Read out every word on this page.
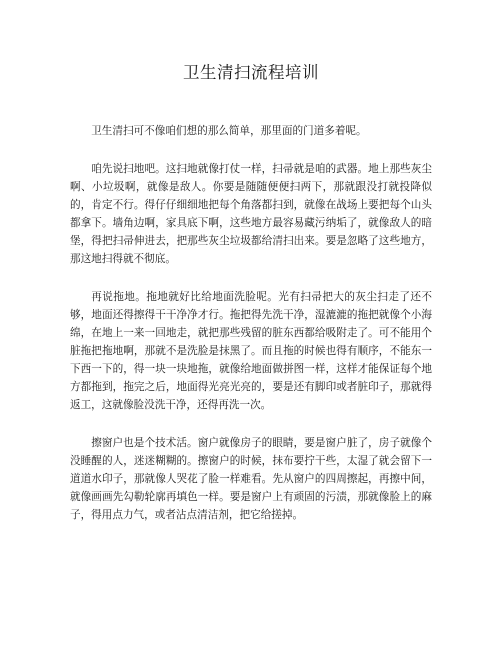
卫生清扫流程培训

卫生清扫可不像咱们想的那么简单，那里面的门道多着呢。

咱先说扫地吧。这扫地就像打仗一样，扫帚就是咱的武器。地上那些灰尘啊、小垃圾啊，就像是敌人。你要是随随便便扫两下，那就跟没打就投降似的，肯定不行。得仔仔细细地把每个角落都扫到，就像在战场上要把每个山头都拿下。墙角边啊，家具底下啊，这些地方最容易藏污纳垢了，就像敌人的暗堡，得把扫帚伸进去，把那些灰尘垃圾都给清扫出来。要是忽略了这些地方，那这地扫得就不彻底。

再说拖地。拖地就好比给地面洗脸呢。光有扫帚把大的灰尘扫走了还不够，地面还得擦得干干净净才行。拖把得先洗干净，湿漉漉的拖把就像个小海绵，在地上一来一回地走，就把那些残留的脏东西都给吸附走了。可不能用个脏拖把拖地啊，那就不是洗脸是抹黑了。而且拖的时候也得有顺序，不能东一下西一下的，得一块一块地拖，就像给地面做拼图一样，这样才能保证每个地方都拖到，拖完之后，地面得光亮光亮的，要是还有脚印或者脏印子，那就得返工，这就像脸没洗干净，还得再洗一次。

擦窗户也是个技术活。窗户就像房子的眼睛，要是窗户脏了，房子就像个没睡醒的人，迷迷糊糊的。擦窗户的时候，抹布要拧干些，太湿了就会留下一道道水印子，那就像人哭花了脸一样难看。先从窗户的四周擦起，再擦中间，就像画画先勾勒轮廓再填色一样。要是窗户上有顽固的污渍，那就像脸上的麻子，得用点力气，或者沾点清洁剂，把它给搓掉。
